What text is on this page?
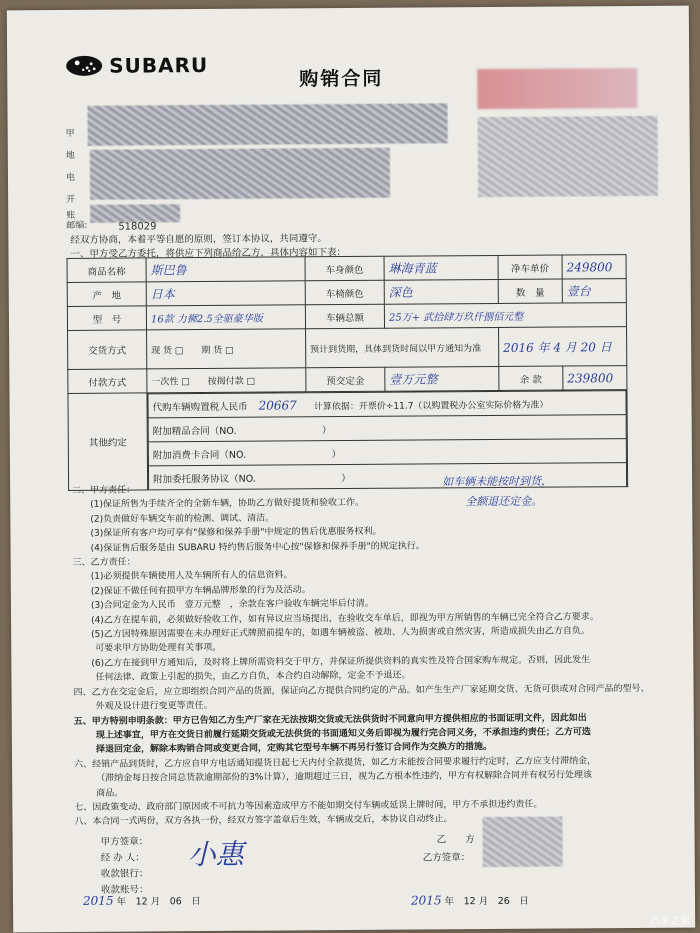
SUBARU
购销合同
甲
地
电
开
账
邮编:	518029
经双方协商，本着平等自愿的原则，签订本协议，共同遵守。
一、甲方受乙方委托，将供应下列商品给乙方，具体内容如下表：
商品名称	斯巴鲁	车身颜色	琳海青蓝	净车单价	249800
产　地	日本	车椅颜色	深色	数　量	壹台
型　号	16款 力狮2.5全驱豪华版	车辆总额	25万+ 武拾肆万玖仟捌佰元整
交货方式	现 货 □　　期 货 □	预计到货期，具体到货时间以甲方通知为准	2016 年 4 月 20 日
付款方式	一次性 □　　按揭付款 □	预交定金	壹万元整	余 款	239800
其他约定	
代购车辆购置税人民币 20667 计算依据：开票价÷11.7（以购置税办公室实际价格为准）
附加精品合同（NO.　　　　　　　　　）
附加消费卡合同（NO.　　　　　　　　　）
附加委托服务协议（NO.　　　　　　　　　）
二、甲方责任：
(1)保证所售为手续齐全的全新车辆，协助乙方做好提货和验收工作。
(2)负责做好车辆交车前的检测、调试、清洁。
(3)保证所有客户均可享有"保修和保养手册"中规定的售后优惠服务权利。
(4)保证售后服务是由 SUBARU 特约售后服务中心按"保修和保养手册"的规定执行。
三、乙方责任：
(1)必须提供车辆使用人及车辆所有人的信息资料。
(2)保证不做任何有损甲方车辆品牌形象的行为及活动。
(3)合同定金为人民币　壹万元整　，余款在客户验收车辆完毕后付清。
(4)乙方在提车前，必须做好验收工作，如有异议应当场提出，在验收交车单后，即视为甲方所销售的车辆已完全符合乙方要求。
(5)乙方因特殊原因需要在未办理好正式牌照前提车的，如遇车辆被盗、被劫、人为损害或自然灾害，所造成损失由乙方自负。
可要求甲方协助处理有关事项。
(6)乙方在接到甲方通知后，及时将上牌所需资料交于甲方，并保证所提供资料的真实性及符合国家购车规定。否则，因此发生
任何法律、政策上引起的损失，由乙方自负，本合约自动解除，定金不予退还。
四、乙方在交定金后，应立即组织合同产品的货源，保证向乙方提供合同约定的产品。如产生生产厂家延期交货、无货可供或对合同产品的型号、
外观及设计进行变更等责任。
五、甲方特别申明条款：甲方已告知乙方生产厂家在无法按期交货或无法供货时不同意向甲方提供相应的书面证明文件，因此如出
现上述事宜，甲方在交货日前履行延期交货或无法供货的书面通知义务后即视为履行完合同义务，不承担违约责任；乙方可选
择退回定金，解除本购销合同或变更合同，定购其它型号车辆不再另行签订合同作为交换方的措施。
六、经销产品到货时，乙方应自甲方电话通知提货日起七天内付全款提货，如乙方未能按合同要求履行约定时，乙方应支付滞纳金，
（滞纳金每日按合同总货款逾期部份的3%计算），逾期超过三日，视为乙方根本性违约，甲方有权解除合同并有权另行处理该
商品。
七、因政策变动、政府部门原因或不可抗力等因素造成甲方不能如期交付车辆或延误上牌时间，甲方不承担违约责任。
八、本合同一式两份，双方各执一份，经双方签字盖章后生效，车辆成交后，本协议自动终止。
如车辆未能按时到货，
全额退还定金。
甲方签章：
经 办 人：
收款银行：
收款账号：
小惠	乙　　方
乙方签章：
2015 年　12 月　06　日	2015 年　12 月　26　日
汽车之家
